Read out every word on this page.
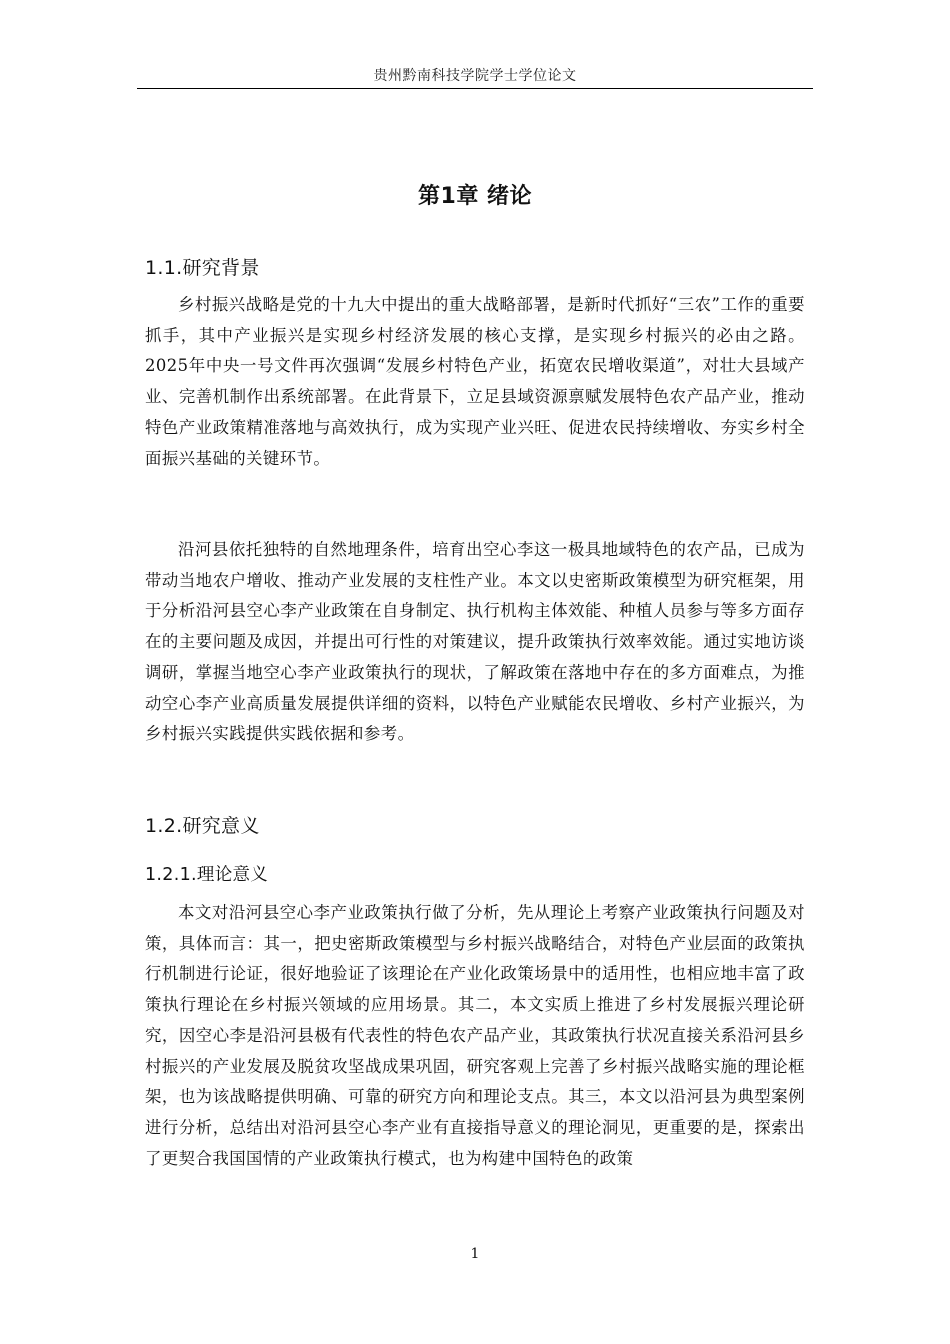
贵州黔南科技学院学士学位论文
第1章 绪论
1.1.研究背景

乡村振兴战略是党的十九大中提出的重大战略部署，是新时代抓好“三农”工作的重要抓手，其中产业振兴是实现乡村经济发展的核心支撑，是实现乡村振兴的必由之路。2025年中央一号文件再次强调“发展乡村特色产业，拓宽农民增收渠道”，对壮大县域产业、完善机制作出系统部署。在此背景下，立足县域资源禀赋发展特色农产品产业，推动特色产业政策精准落地与高效执行，成为实现产业兴旺、促进农民持续增收、夯实乡村全面振兴基础的关键环节。

沿河县依托独特的自然地理条件，培育出空心李这一极具地域特色的农产品，已成为带动当地农户增收、推动产业发展的支柱性产业。本文以史密斯政策模型为研究框架，用于分析沿河县空心李产业政策在自身制定、执行机构主体效能、种植人员参与等多方面存在的主要问题及成因，并提出可行性的对策建议，提升政策执行效率效能。通过实地访谈调研，掌握当地空心李产业政策执行的现状，了解政策在落地中存在的多方面难点，为推动空心李产业高质量发展提供详细的资料，以特色产业赋能农民增收、乡村产业振兴，为乡村振兴实践提供实践依据和参考。

1.2.研究意义
1.2.1.理论意义

本文对沿河县空心李产业政策执行做了分析，先从理论上考察产业政策执行问题及对策，具体而言：其一，把史密斯政策模型与乡村振兴战略结合，对特色产业层面的政策执行机制进行论证，很好地验证了该理论在产业化政策场景中的适用性，也相应地丰富了政策执行理论在乡村振兴领域的应用场景。其二，本文实质上推进了乡村发展振兴理论研究，因空心李是沿河县极有代表性的特色农产品产业，其政策执行状况直接关系沿河县乡村振兴的产业发展及脱贫攻坚战成果巩固，研究客观上完善了乡村振兴战略实施的理论框架，也为该战略提供明确、可靠的研究方向和理论支点。其三，本文以沿河县为典型案例进行分析，总结出对沿河县空心李产业有直接指导意义的理论洞见，更重要的是，探索出了更契合我国国情的产业政策执行模式，也为构建中国特色的政策

1
